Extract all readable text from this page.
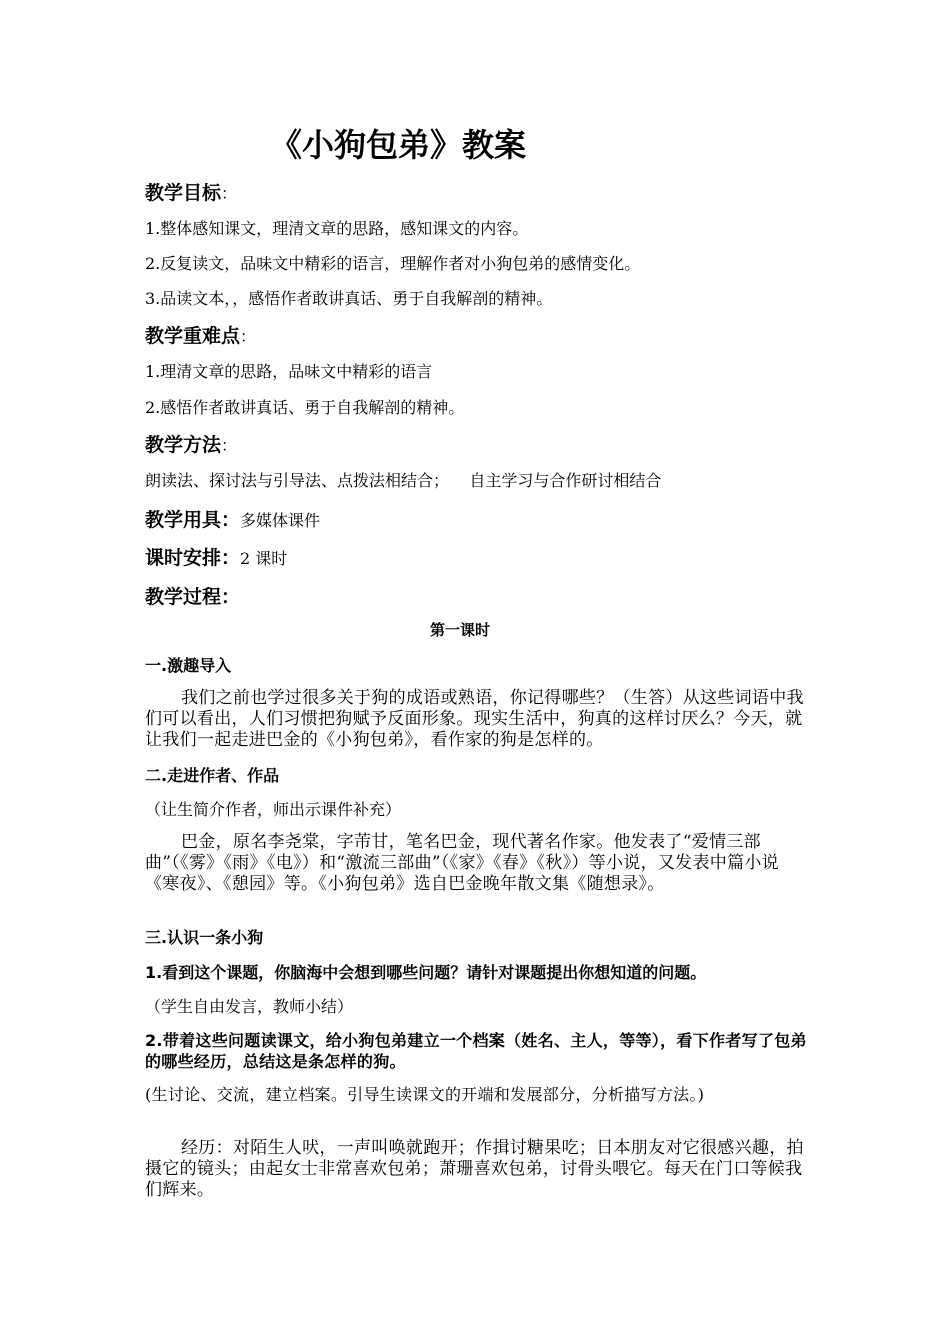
《小狗包弟》教案
教学目标：
1.整体感知课文，理清文章的思路，感知课文的内容。
2.反复读文，品味文中精彩的语言，理解作者对小狗包弟的感情变化。
3.品读文本，，感悟作者敢讲真话、勇于自我解剖的精神。
教学重难点：
1.理清文章的思路，品味文中精彩的语言
2.感悟作者敢讲真话、勇于自我解剖的精神。
教学方法：
朗读法、探讨法与引导法、点拨法相结合；    自主学习与合作研讨相结合
教学用具：多媒体课件
课时安排：2 课时
教学过程：
第一课时
一.激趣导入
我们之前也学过很多关于狗的成语或熟语，你记得哪些？（生答）从这些词语中我们可以看出，人们习惯把狗赋予反面形象。现实生活中，狗真的这样讨厌么？今天，就让我们一起走进巴金的《小狗包弟》，看作家的狗是怎样的。
二.走进作者、作品
（让生简介作者，师出示课件补充）
巴金，原名李尧棠，字芾甘，笔名巴金，现代著名作家。他发表了“爱情三部曲”（《雾》《雨》《电》）和“激流三部曲”（《家》《春》《秋》）等小说，又发表中篇小说《寒夜》、《憩园》等。《小狗包弟》选自巴金晚年散文集《随想录》。
三.认识一条小狗
1.看到这个课题，你脑海中会想到哪些问题？请针对课题提出你想知道的问题。
（学生自由发言，教师小结）
2.带着这些问题读课文，给小狗包弟建立一个档案（姓名、主人，等等），看下作者写了包弟的哪些经历，总结这是条怎样的狗。
(生讨论、交流，建立档案。引导生读课文的开端和发展部分，分析描写方法。)
经历：对陌生人吠，一声叫唤就跑开；作揖讨糖果吃；日本朋友对它很感兴趣，拍摄它的镜头；由起女士非常喜欢包弟；萧珊喜欢包弟，讨骨头喂它。每天在门口等候我们辉来。
